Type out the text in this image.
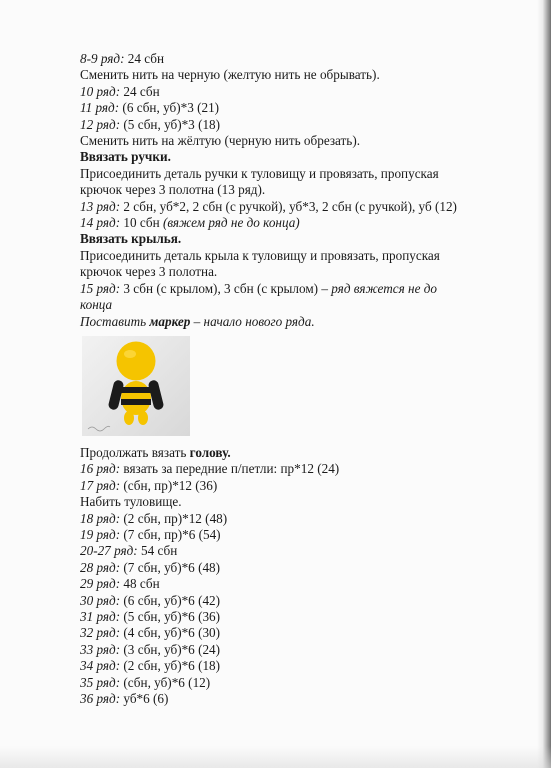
8-9 ряд: 24 сбн
Сменить нить на черную (желтую нить не обрывать).
10 ряд: 24 сбн
11 ряд: (6 сбн, уб)*3 (21)
12 ряд: (5 сбн, уб)*3 (18)
Сменить нить на жёлтую (черную нить обрезать).
Ввязать ручки.
Присоединить деталь ручки к туловищу и провязать, пропуская
крючок через 3 полотна (13 ряд).
13 ряд: 2 сбн, уб*2, 2 сбн (с ручкой), уб*3, 2 сбн (с ручкой), уб (12)
14 ряд: 10 сбн (вяжем ряд не до конца)
Ввязать крылья.
Присоединить деталь крыла к туловищу и провязать, пропуская
крючок через 3 полотна.
15 ряд: 3 сбн (с крылом), 3 сбн (с крылом) – ряд вяжется не до
конца
Поставить маркер – начало нового ряда.
Продолжать вязать голову.
16 ряд: вязать за передние п/петли: пр*12 (24)
17 ряд: (сбн, пр)*12 (36)
Набить туловище.
18 ряд: (2 сбн, пр)*12 (48)
19 ряд: (7 сбн, пр)*6 (54)
20-27 ряд: 54 сбн
28 ряд: (7 сбн, уб)*6 (48)
29 ряд: 48 сбн
30 ряд: (6 сбн, уб)*6 (42)
31 ряд: (5 сбн, уб)*6 (36)
32 ряд: (4 сбн, уб)*6 (30)
33 ряд: (3 сбн, уб)*6 (24)
34 ряд: (2 сбн, уб)*6 (18)
35 ряд: (сбн, уб)*6 (12)
36 ряд: уб*6 (6)
